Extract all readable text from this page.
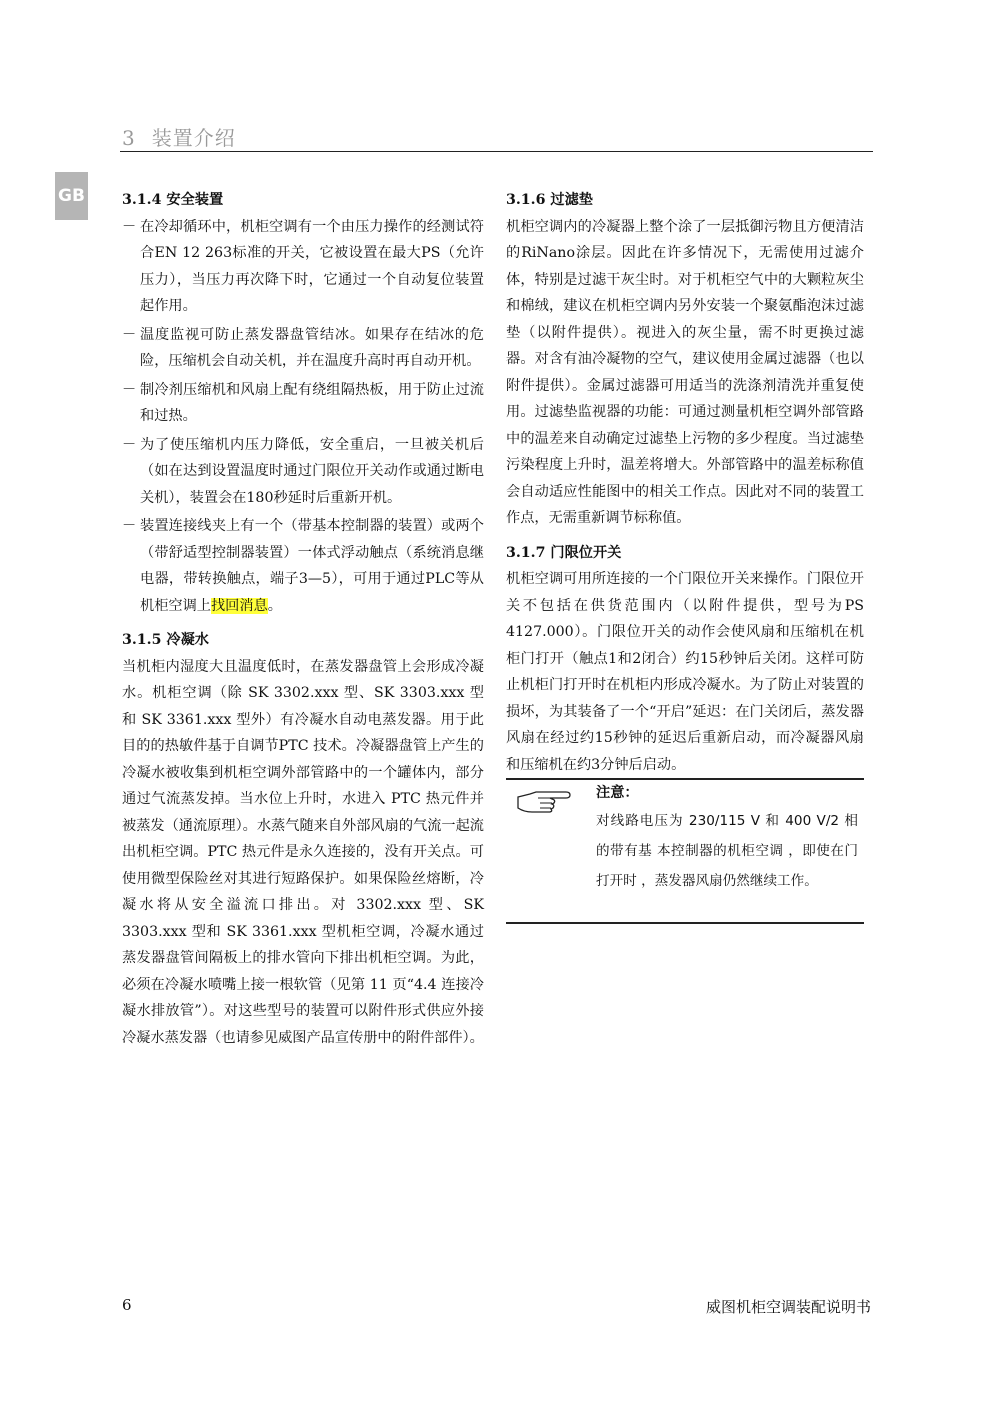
3 装置介绍
GB	3.1.4 安全装置
－ 在冷却循环中，机柜空调有一个由压力操作的经测试符合EN 12 263标准的开关，它被设置在最大PS（允许压力），当压力再次降下时，它通过一个自动复位装置起作用。
－ 温度监视可防止蒸发器盘管结冰。如果存在结冰的危险，压缩机会自动关机，并在温度升高时再自动开机。
－ 制冷剂压缩机和风扇上配有绕组隔热板，用于防止过流和过热。
－ 为了使压缩机内压力降低，安全重启，一旦被关机后（如在达到设置温度时通过门限位开关动作或通过断电关机），装置会在180秒延时后重新开机。
－ 装置连接线夹上有一个（带基本控制器的装置）或两个（带舒适型控制器装置）一体式浮动触点（系统消息继电器，带转换触点，端子3—5），可用于通过PLC等从机柜空调上找回消息。
3.1.5 冷凝水

当机柜内湿度大且温度低时，在蒸发器盘管上会形成冷凝水。机柜空调（除 SK 3302.xxx 型、SK 3303.xxx 型和 SK 3361.xxx 型外）有冷凝水自动电蒸发器。用于此目的的热敏件基于自调节PTC 技术。冷凝器盘管上产生的冷凝水被收集到机柜空调外部管路中的一个罐体内，部分通过气流蒸发掉。当水位上升时，水进入 PTC 热元件并被蒸发（通流原理）。水蒸气随来自外部风扇的气流一起流出机柜空调。PTC 热元件是永久连接的，没有开关点。可使用微型保险丝对其进行短路保护。如果保险丝熔断，冷凝水将从安全溢流口排出。对 3302.xxx 型、SK 3303.xxx 型和 SK 3361.xxx 型机柜空调，冷凝水通过蒸发器盘管间隔板上的排水管向下排出机柜空调。为此，必须在冷凝水喷嘴上接一根软管（见第 11 页“4.4 连接冷凝水排放管”）。对这些型号的装置可以附件形式供应外接冷凝水蒸发器（也请参见威图产品宣传册中的附件部件）。

3.1.6 过滤垫

机柜空调内的冷凝器上整个涂了一层抵御污物且方便清洁的RiNano涂层。因此在许多情况下，无需使用过滤介体，特别是过滤干灰尘时。对于机柜空气中的大颗粒灰尘和棉绒，建议在机柜空调内另外安装一个聚氨酯泡沫过滤垫（以附件提供）。视进入的灰尘量，需不时更换过滤器。对含有油冷凝物的空气，建议使用金属过滤器（也以附件提供）。金属过滤器可用适当的洗涤剂清洗并重复使用。过滤垫监视器的功能：可通过测量机柜空调外部管路中的温差来自动确定过滤垫上污物的多少程度。当过滤垫污染程度上升时，温差将增大。外部管路中的温差标称值会自动适应性能图中的相关工作点。因此对不同的装置工作点，无需重新调节标称值。

3.1.7 门限位开关

机柜空调可用所连接的一个门限位开关来操作。门限位开关不包括在供货范围内（以附件提供，型号为PS 4127.000）。门限位开关的动作会使风扇和压缩机在机柜门打开（触点1和2闭合）约15秒钟后关闭。这样可防止机柜门打开时在机柜内形成冷凝水。为了防止对装置的损坏，为其装备了一个“开启”延迟：在门关闭后，蒸发器风扇在经过约15秒钟的延迟后重新启动，而冷凝器风扇和压缩机在约3分钟后启动。

注意：
对线路电压为 230/115 V 和 400 V/2 相的带有基 本控制器的机柜空调 ，即使在门打开时 ，蒸发器风扇仍然继续工作。
6	威图机柜空调装配说明书
